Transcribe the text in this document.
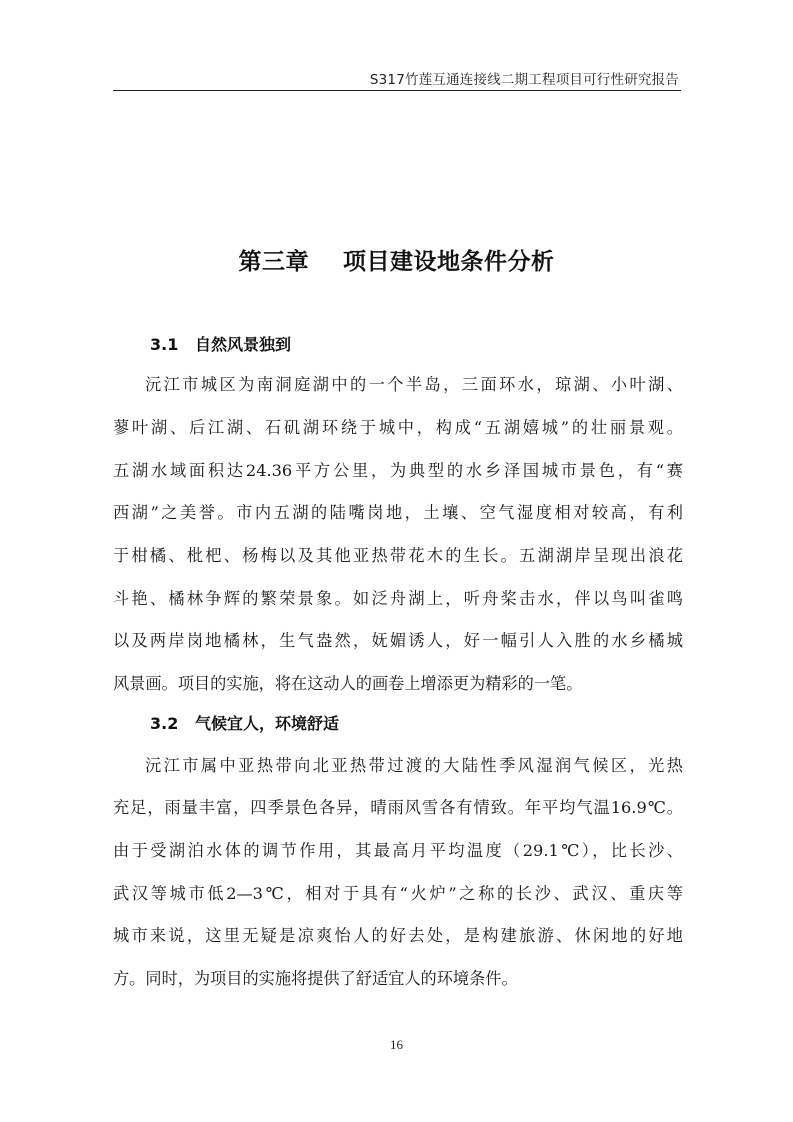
S317竹莲互通连接线二期工程项目可行性研究报告
第三章    项目建设地条件分析
3.1 自然风景独到
沅江市城区为南洞庭湖中的一个半岛，三面环水，琼湖、小叶湖、
蓼叶湖、后江湖、石矶湖环绕于城中，构成“五湖嬉城”的壮丽景观。
五湖水域面积达24.36平方公里，为典型的水乡泽国城市景色，有“赛
西湖”之美誉。市内五湖的陆嘴岗地，土壤、空气湿度相对较高，有利
于柑橘、枇杷、杨梅以及其他亚热带花木的生长。五湖湖岸呈现出浪花
斗艳、橘林争辉的繁荣景象。如泛舟湖上，听舟桨击水，伴以鸟叫雀鸣
以及两岸岗地橘林，生气盎然，妩媚诱人，好一幅引人入胜的水乡橘城
风景画。项目的实施，将在这动人的画卷上增添更为精彩的一笔。
3.2 气候宜人，环境舒适
沅江市属中亚热带向北亚热带过渡的大陆性季风湿润气候区，光热
充足，雨量丰富，四季景色各异，晴雨风雪各有情致。年平均气温16.9℃。
由于受湖泊水体的调节作用，其最高月平均温度（29.1℃），比长沙、
武汉等城市低2—3℃，相对于具有“火炉”之称的长沙、武汉、重庆等
城市来说，这里无疑是凉爽怡人的好去处，是构建旅游、休闲地的好地
方。同时，为项目的实施将提供了舒适宜人的环境条件。
16
